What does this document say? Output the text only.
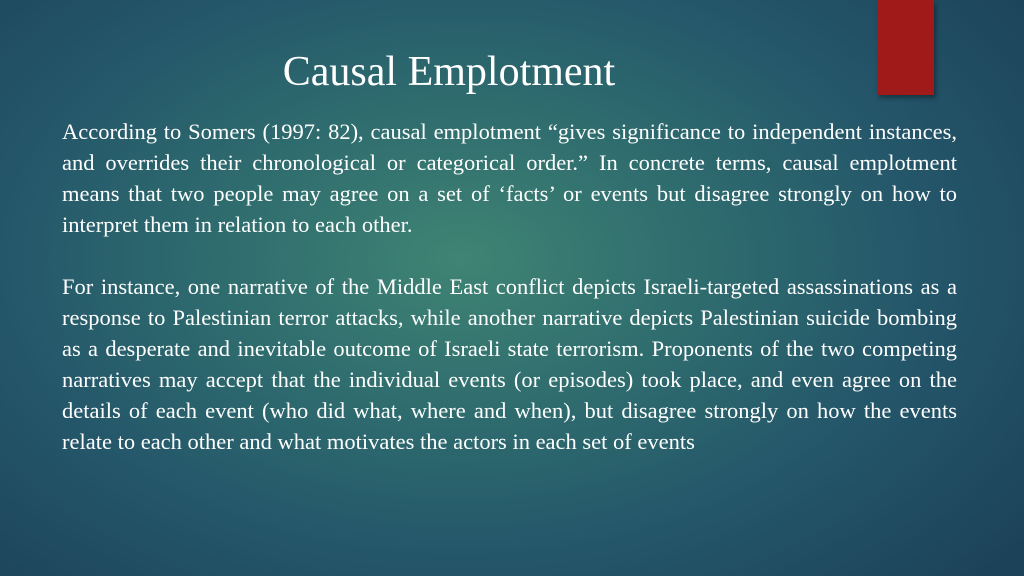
Causal Emplotment

According to Somers (1997: 82), causal emplotment “gives significance to independent instances, and overrides their chronological or categorical order.” In concrete terms, causal emplotment means that two people may agree on a set of ‘facts’ or events but disagree strongly on how to interpret them in relation to each other.

For instance, one narrative of the Middle East conflict depicts Israeli-targeted assassinations as a response to Palestinian terror attacks, while another narrative depicts Palestinian suicide bombing as a desperate and inevitable outcome of Israeli state terrorism. Proponents of the two competing narratives may accept that the individual events (or episodes) took place, and even agree on the details of each event (who did what, where and when), but disagree strongly on how the events relate to each other and what motivates the actors in each set of events
